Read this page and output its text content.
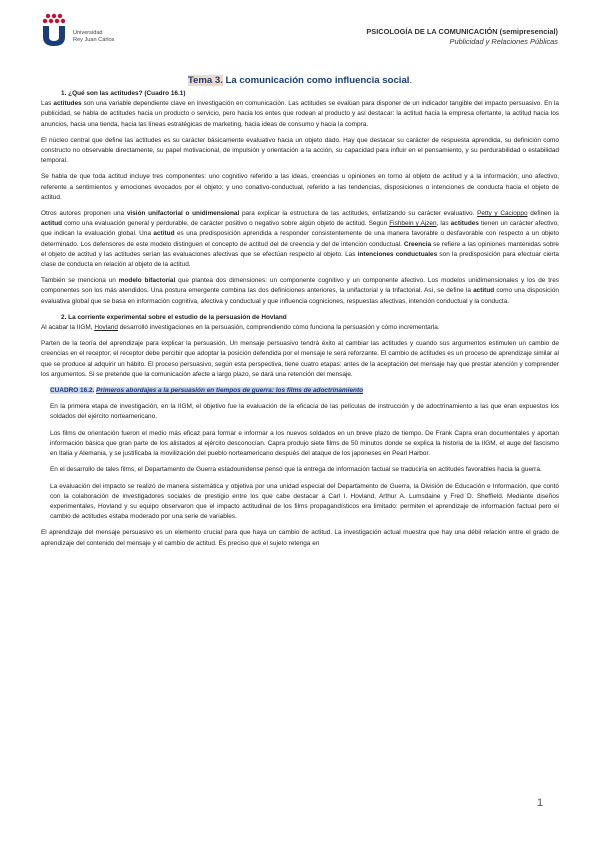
Universidad
Rey Juan Carlos
PSICOLOGÍA DE LA COMUNICACIÓN (semipresencial)
Publicidad y Relaciones Públicas
Tema 3. La comunicación como influencia social.
1. ¿Qué son las actitudes? (Cuadro 16.1)

Las actitudes son una variable dependiente clave en investigación en comunicación. Las actitudes se evalúan para disponer de un indicador tangible del impacto persuasivo. En la publicidad, se habla de actitudes hacia un producto o servicio, pero hacia los entes que rodean al producto y así destacar: la actitud hacia la empresa ofertante, la actitud hacia los anuncios, hacia una tienda, hacia las líneas estratégicas de marketing, hacia ideas de consumo y hacia la compra.

El núcleo central que define las actitudes es su carácter básicamente evaluativo hacia un objeto dado. Hay que destacar su carácter de respuesta aprendida, su definición como constructo no observable directamente, su papel motivacional, de impulsión y orientación a la acción, su capacidad para influir en el pensamiento, y su perdurabilidad o estabilidad temporal.

Se habla de que toda actitud incluye tres componentes: uno cognitivo referido a las ideas, creencias u opiniones en torno al objeto de actitud y a la información; uno afectivo, referente a sentimientos y emociones evocados por el objeto; y uno conativo-conductual, referido a las tendencias, disposiciones o intenciones de conducta hacia el objeto de actitud.

Otros autores proponen una visión unifactorial o unidimensional para explicar la estructura de las actitudes, enfatizando su carácter evaluativo. Petty y Cacioppo definen la actitud como una evaluación general y perdurable, de carácter positivo o negativo sobre algún objeto de actitud. Según Fishbein y Ajzen, las actitudes tienen un carácter afectivo, que indican la evaluación global. Una actitud es una predisposición aprendida a responder consistentemente de una manera favorable o desfavorable con respecto a un objeto determinado. Los defensores de este modelo distinguen el concepto de actitud del de creencia y del de intención conductual. Creencia se refiere a las opiniones mantenidas sobre el objeto de actitud y las actitudes serían las evaluaciones afectivas que se efectúan respecto al objeto. Las intenciones conductuales son la predisposición para efectuar cierta clase de conducta en relación al objeto de la actitud.

También se menciona un modelo bifactorial que plantea dos dimensiones: un componente cognitivo y un componente afectivo. Los modelos unidimensionales y los de tres componentes son los más atendidos. Una postura emergente combina las dos definiciones anteriores, la unifactorial y la trifactorial. Así, se define la actitud como una disposición evaluativa global que se basa en información cognitiva, afectiva y conductual y que influencia cogniciones, respuestas afectivas, intención conductual y la conducta.

2. La corriente experimental sobre el estudio de la persuasión de Hovland

Al acabar la IIGM, Hovland desarrolló investigaciones en la persuasión, comprendiendo cómo funciona la persuasión y cómo incrementarla.

Parten de la teoría del aprendizaje para explicar la persuasión. Un mensaje persuasivo tendrá éxito al cambiar las actitudes y cuando sus argumentos estimulen un cambio de creencias en el receptor; el receptor debe percibir que adoptar la posición defendida por el mensaje le será reforzante. El cambio de actitudes es un proceso de aprendizaje similar al que se produce al adquirir un hábito. El proceso persuasivo, según esta perspectiva, tiene cuatro etapas: antes de la aceptación del mensaje hay que prestar atención y comprender los argumentos. Si se pretende que la comunicación afecte a largo plazo, se dará una retención del mensaje.

CUADRO 16.2. Primeros abordajes a la persuasión en tiempos de guerra: los films de adoctrinamiento

En la primera etapa de investigación, en la IIGM, el objetivo fue la evaluación de la eficacia de las películas de instrucción y de adoctrinamiento a las que eran expuestos los soldados del ejército norteamericano.

Los films de orientación fueron el medio más eficaz para formar e informar a los nuevos soldados en un breve plazo de tiempo. De Frank Capra eran documentales y aportan información básica que gran parte de los alistados al ejército desconocían. Capra produjo siete films de 50 minutos donde se explica la historia de la IIGM, el auge del fascismo en Italia y Alemania, y se justificaba la movilización del pueblo norteamericano después del ataque de los japoneses en Pearl Harbor.

En el desarrollo de tales films, el Departamento de Guerra estadounidense pensó que la entrega de información factual se traduciría en actitudes favorables hacia la guerra.

La evaluación del impacto se realizó de manera sistemática y objetiva por una unidad especial del Departamento de Guerra, la División de Educación e Información, que contó con la colaboración de investigadores sociales de prestigio entre los que cabe destacar a Carl I. Hovland, Arthur A. Lumsdaine y Fred D. Sheffield. Mediante diseños experimentales, Hovland y su equipo observaron que el impacto actitudinal de los films propagandísticos era limitado: permiten el aprendizaje de información factual pero el cambio de actitudes estaba moderado por una serie de variables.

El aprendizaje del mensaje persuasivo es un elemento crucial para que haya un cambio de actitud. La investigación actual muestra que hay una débil relación entre el grado de aprendizaje del contenido del mensaje y el cambio de actitud. Es preciso que el sujeto retenga en

1
